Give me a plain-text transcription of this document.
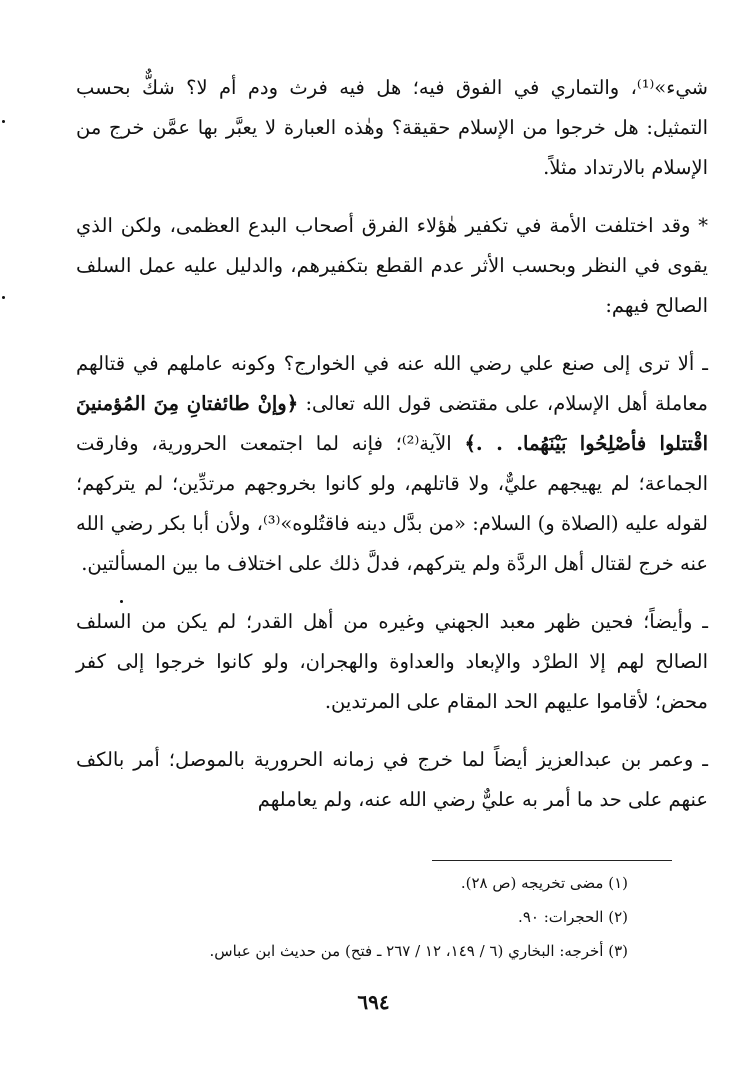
شيء»⁽¹⁾، والتماري في الفوق فيه؛ هل فيه فرث ودم أم لا؟ شكٌّ بحسب التمثيل: هل خرجوا من الإسلام حقيقة؟ وهٰذه العبارة لا يعبَّر بها عمَّن خرج من الإسلام بالارتداد مثلاً.

* وقد اختلفت الأمة في تكفير هٰؤلاء الفرق أصحاب البدع العظمى، ولكن الذي يقوى في النظر وبحسب الأثر عدم القطع بتكفيرهم، والدليل عليه عمل السلف الصالح فيهم:

ـ ألا ترى إلى صنع علي رضي الله عنه في الخوارج؟ وكونه عاملهم في قتالهم معاملة أهل الإسلام، على مقتضى قول الله تعالى: ﴿وإنْ طائفتانِ مِنَ المُؤمنينَ اقْتتلوا فأصْلِحُوا بَيْنَهُما. . .﴾ الآية⁽²⁾؛ فإنه لما اجتمعت الحرورية، وفارقت الجماعة؛ لم يهيجهم عليٌّ، ولا قاتلهم، ولو كانوا بخروجهم مرتدِّين؛ لم يتركهم؛ لقوله عليه (الصلاة و) السلام: «من بدَّل دينه فاقتُلوه»⁽³⁾، ولأن أبا بكر رضي الله عنه خرج لقتال أهل الردَّة ولم يتركهم، فدلَّ ذلك على اختلاف ما بين المسألتين.

ـ وأيضاً؛ فحين ظهر معبد الجهني وغيره من أهل القدر؛ لم يكن من السلف الصالح لهم إلا الطرْد والإبعاد والعداوة والهجران، ولو كانوا خرجوا إلى كفر محض؛ لأقاموا عليهم الحد المقام على المرتدين.

ـ وعمر بن عبدالعزيز أيضاً لما خرج في زمانه الحرورية بالموصل؛ أمر بالكف عنهم على حد ما أمر به عليٌّ رضي الله عنه، ولم يعاملهم

(١) مضى تخريجه (ص ٢٨).
(٢) الحجرات: ٩٠.
(٣) أخرجه: البخاري (٦ / ١٤٩، ١٢ / ٢٦٧ ـ فتح) من حديث ابن عباس.
٦٩٤
